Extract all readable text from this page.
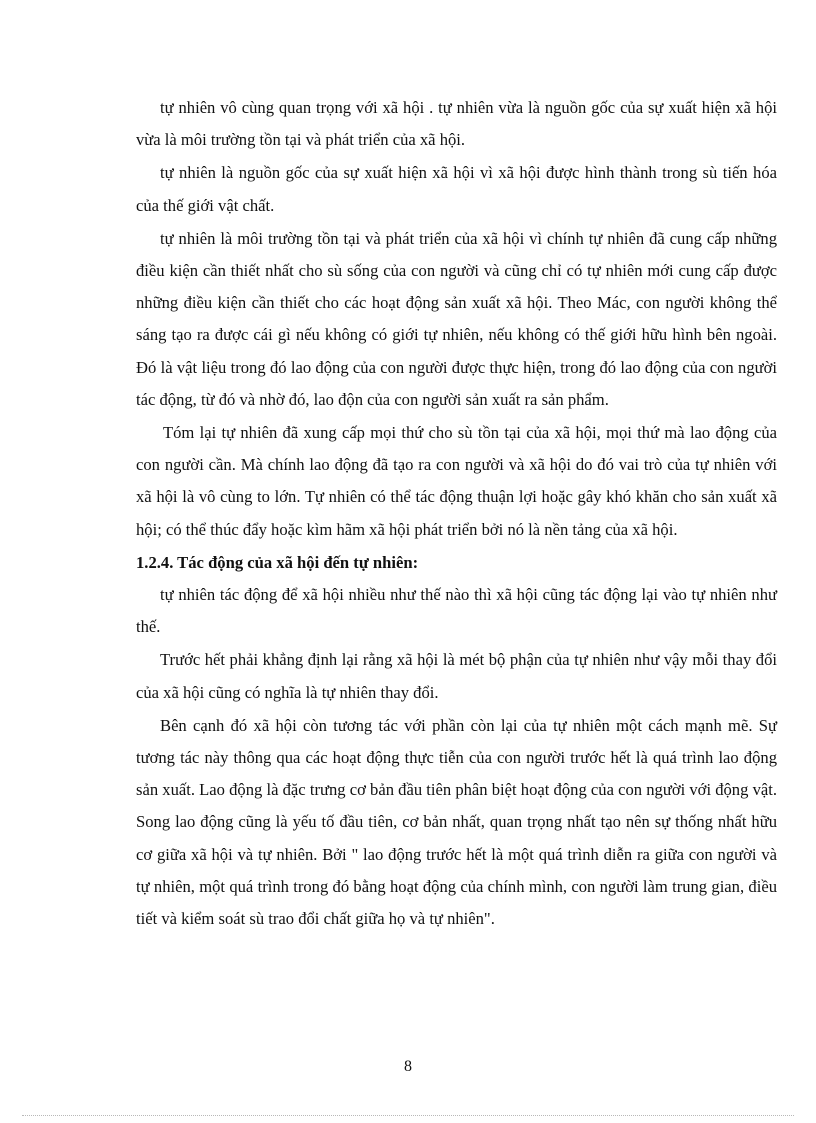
tự nhiên vô cùng quan trọng với xã hội . tự nhiên vừa là nguồn gốc của sự xuất hiện xã hội vừa là môi trường tồn tại và phát triển của xã hội.

tự nhiên là nguồn gốc của sự xuất hiện xã hội vì xã hội được hình thành trong sù tiến hóa của thế giới vật chất.

tự nhiên là môi trường tồn tại và phát triển của xã hội vì chính tự nhiên đã cung cấp những điều kiện cần thiết nhất cho sù sống của con người và cũng chỉ có tự nhiên mới cung cấp được những điều kiện cần thiết cho các hoạt động sản xuất xã hội. Theo Mác, con người không thể sáng tạo ra được cái gì nếu không có giới tự nhiên, nếu không có thế giới hữu hình bên ngoài. Đó là vật liệu trong đó lao động của con người được thực hiện, trong đó lao động của con người tác động, từ đó và nhờ đó, lao độn của con người sản xuất ra sản phẩm.

Tóm lại tự nhiên đã xung cấp mọi thứ cho sù tồn tại của xã hội, mọi thứ mà lao động của con người cần. Mà chính lao động đã tạo ra con người và xã hội do đó vai trò của tự nhiên với xã hội là vô cùng to lớn. Tự nhiên có thể tác động thuận lợi hoặc gây khó khăn cho sản xuất xã hội; có thể thúc đẩy hoặc kìm hãm xã hội phát triển bởi nó là nền tảng của xã hội.

1.2.4. Tác động của xã hội đến tự nhiên:

tự nhiên tác động để xã hội nhiều như thế nào thì xã hội cũng tác động lại vào tự nhiên như thế.

Trước hết phải khẳng định lại rằng xã hội là mét bộ phận của tự nhiên như vậy mỗi thay đổi của xã hội cũng có nghĩa là tự nhiên thay đổi.

Bên cạnh đó xã hội còn tương tác với phần còn lại của tự nhiên một cách mạnh mẽ. Sự tương tác này thông qua các hoạt động thực tiễn của con người trước hết là quá trình lao động sản xuất. Lao động là đặc trưng cơ bản đầu tiên phân biệt hoạt động của con người với động vật. Song lao động cũng là yếu tố đầu tiên, cơ bản nhất, quan trọng nhất tạo nên sự thống nhất hữu cơ giữa xã hội và tự nhiên. Bởi " lao động trước hết là một quá trình diễn ra giữa con người và tự nhiên, một quá trình trong đó bằng hoạt động của chính mình, con người làm trung gian, điều tiết và kiểm soát sù trao đổi chất giữa họ và tự nhiên".

8
